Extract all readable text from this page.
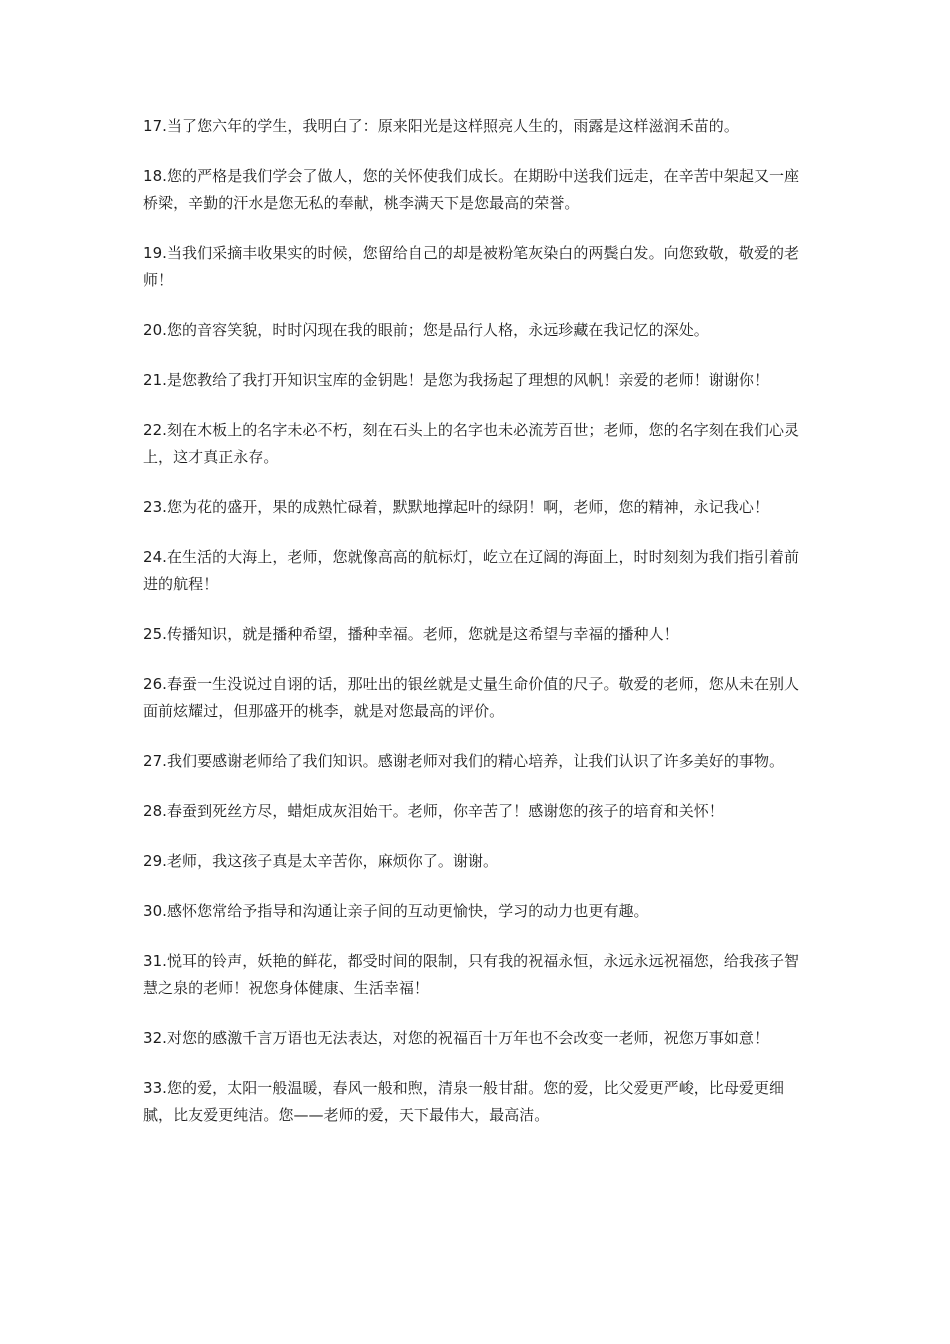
17.当了您六年的学生，我明白了：原来阳光是这样照亮人生的，雨露是这样滋润禾苗的。

18.您的严格是我们学会了做人，您的关怀使我们成长。在期盼中送我们远走，在辛苦中架起又一座桥梁，辛勤的汗水是您无私的奉献，桃李满天下是您最高的荣誉。

19.当我们采摘丰收果实的时候，您留给自己的却是被粉笔灰染白的两鬓白发。向您致敬，敬爱的老师！

20.您的音容笑貌，时时闪现在我的眼前；您是品行人格，永远珍藏在我记忆的深处。

21.是您教给了我打开知识宝库的金钥匙！是您为我扬起了理想的风帆！亲爱的老师！谢谢你！

22.刻在木板上的名字未必不朽，刻在石头上的名字也未必流芳百世；老师，您的名字刻在我们心灵上，这才真正永存。

23.您为花的盛开，果的成熟忙碌着，默默地撑起叶的绿阴！啊，老师，您的精神，永记我心！

24.在生活的大海上，老师，您就像高高的航标灯，屹立在辽阔的海面上，时时刻刻为我们指引着前进的航程！

25.传播知识，就是播种希望，播种幸福。老师，您就是这希望与幸福的播种人！

26.春蚕一生没说过自诩的话，那吐出的银丝就是丈量生命价值的尺子。敬爱的老师，您从未在别人面前炫耀过，但那盛开的桃李，就是对您最高的评价。

27.我们要感谢老师给了我们知识。感谢老师对我们的精心培养，让我们认识了许多美好的事物。

28.春蚕到死丝方尽，蜡炬成灰泪始干。老师，你辛苦了！感谢您的孩子的培育和关怀！

29.老师，我这孩子真是太辛苦你，麻烦你了。谢谢。

30.感怀您常给予指导和沟通让亲子间的互动更愉快，学习的动力也更有趣。

31.悦耳的铃声，妖艳的鲜花，都受时间的限制，只有我的祝福永恒，永远永远祝福您，给我孩子智慧之泉的老师！祝您身体健康、生活幸福！

32.对您的感激千言万语也无法表达，对您的祝福百十万年也不会改变一老师，祝您万事如意！

33.您的爱，太阳一般温暖，春风一般和煦，清泉一般甘甜。您的爱，比父爱更严峻，比母爱更细腻，比友爱更纯洁。您——老师的爱，天下最伟大，最高洁。
